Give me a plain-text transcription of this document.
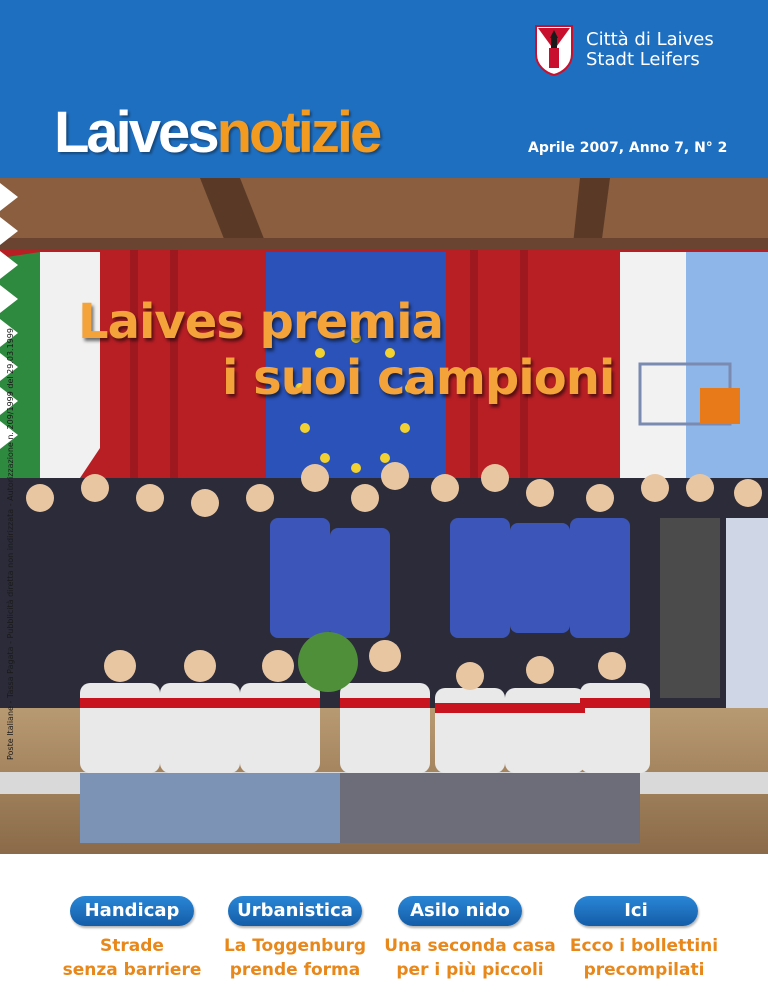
Città di Laives
Stadt Leifers
Laivesnotizie	Aprile 2007, Anno 7, N° 2
Poste Italiane - Tassa Pagata - Pubblicità diretta non indirizzata - Autorizzazione n. 209/1999 del 29.03.1999
Laives premia
i suoi campioni
Handicap
Strade
senza barriere
Urbanistica
La Toggenburg
prende forma
Asilo nido
Una seconda casa
per i più piccoli
Ici
Ecco i bollettini
precompilati
